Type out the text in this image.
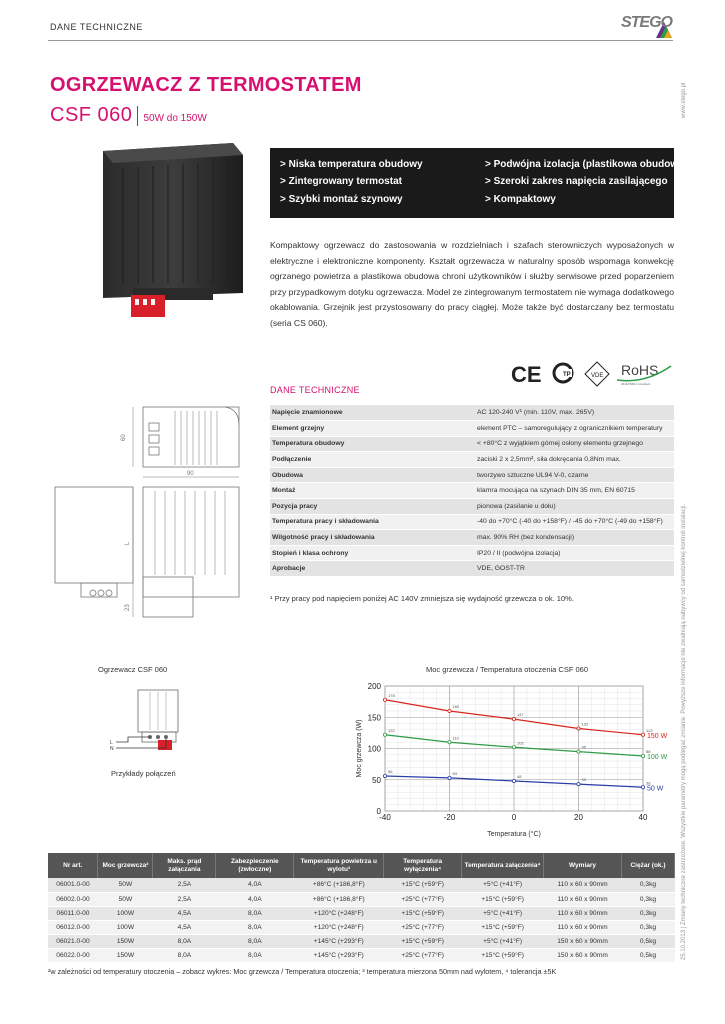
DANE TECHNICZNE	STEGO
www.stego.pl
25.10.2013 | Zmiany techniczne zastrzeżone. Wszystkie parametry mogą podlegać zmianie. Powyższe informacje nie zwalniają nabywcy od samodzielnej kontroli instalacji.
OGRZEWACZ Z TERMOSTATEM
CSF 060 50W do 150W
> Niska temperatura obudowy	> Podwójna izolacja (plastikowa obudowa)
> Zintegrowany termostat	> Szeroki zakres napięcia zasilającego
> Szybki montaż szynowy	> Kompaktowy
Kompaktowy ogrzewacz do zastosowania w rozdzielniach i szafach sterowniczych wyposażonych w elektryczne i elektroniczne komponenty. Kształt ogrzewacza w naturalny sposób wspomaga konwekcję ogrzanego powietrza a plastikowa obudowa chroni użytkowników i służby serwisowe przed poparzeniem przy przypadkowym dotyku ogrzewacza. Model ze zintegrowanym termostatem nie wymaga dodatkowego okablowania. Grzejnik jest przystosowany do pracy ciągłej. Może także być dostarczany bez termostatu (seria CS 060).
CE	TP	VDE RoHS
2011/65/EU compliant
DANE TECHNICZNE
Napięcie znamionowe	AC 120-240 V¹ (min. 110V, max. 265V)
Element grzejny	element PTC – samoregulujący z ogranicznikiem temperatury
Temperatura obudowy	< +80°C z wyjątkiem górnej osłony elementu grzejnego
Podłączenie	zaciski 2 x 2,5mm², siła dokręcania 0,8Nm max.
Obudowa	tworzywo sztuczne UL94 V-0, czarne
Montaż	klamra mocująca na szynach DIN 35 mm, EN 60715
Pozycja pracy	pionowa (zasilanie u dołu)
Temperatura pracy i składowania	-40 do +70°C (-40 do +158°F) / -45 do +70°C (-49 do +158°F)
Wilgotność pracy i składowania	max. 90% RH (bez kondensacji)
Stopień i klasa ochrony	IP20 / II (podwójna izolacja)
Aprobacje	VDE, GOST-TR
¹ Przy pracy pod napięciem poniżej AC 140V zmniejsza się wydajność grzewcza o ok. 10%.
60
90
L
23
Ogrzewacz CSF 060
L
N
Przykłady połączeń
Moc grzewcza / Temperatura otoczenia CSF 060
-40	-20	0	20	40
0
50
100
150
200
Moc grzewcza (W)
Temperatura (°C)
178
160
147
132
122
150 W
122
110
102
95
88
100 W
56	53
48
43
38
50 W
Nr art.	Moc grzewcza²	Maks. prąd załączania	Zabezpieczenie (zwłoczne)	Temperatura powietrza u wylotu³	Temperatura wyłączenia⁴	Temperatura załączenia⁴	Wymiary	Ciężar (ok.)
06001.0-00	50W	2,5A	4,0A	+86°C (+186,8°F)	+15°C (+59°F)	+5°C (+41°F)	110 x 60 x 90mm	0,3kg
06002.0-00	50W	2,5A	4,0A	+86°C (+186,8°F)	+25°C (+77°F)	+15°C (+59°F)	110 x 60 x 90mm	0,3kg
06011.0-00	100W	4,5A	8,0A	+120°C (+248°F)	+15°C (+59°F)	+5°C (+41°F)	110 x 60 x 90mm	0,3kg
06012.0-00	100W	4,5A	8,0A	+120°C (+248°F)	+25°C (+77°F)	+15°C (+59°F)	110 x 60 x 90mm	0,3kg
06021.0-00	150W	8,0A	8,0A	+145°C (+293°F)	+15°C (+59°F)	+5°C (+41°F)	150 x 60 x 90mm	0,5kg
06022.0-00	150W	8,0A	8,0A	+145°C (+293°F)	+25°C (+77°F)	+15°C (+59°F)	150 x 60 x 90mm	0,5kg
²w zależności od temperatury otoczenia – zobacz wykres: Moc grzewcza / Temperatura otoczenia; ³ temperatura mierzona 50mm nad wylotem, ⁴ tolerancja ±5K
